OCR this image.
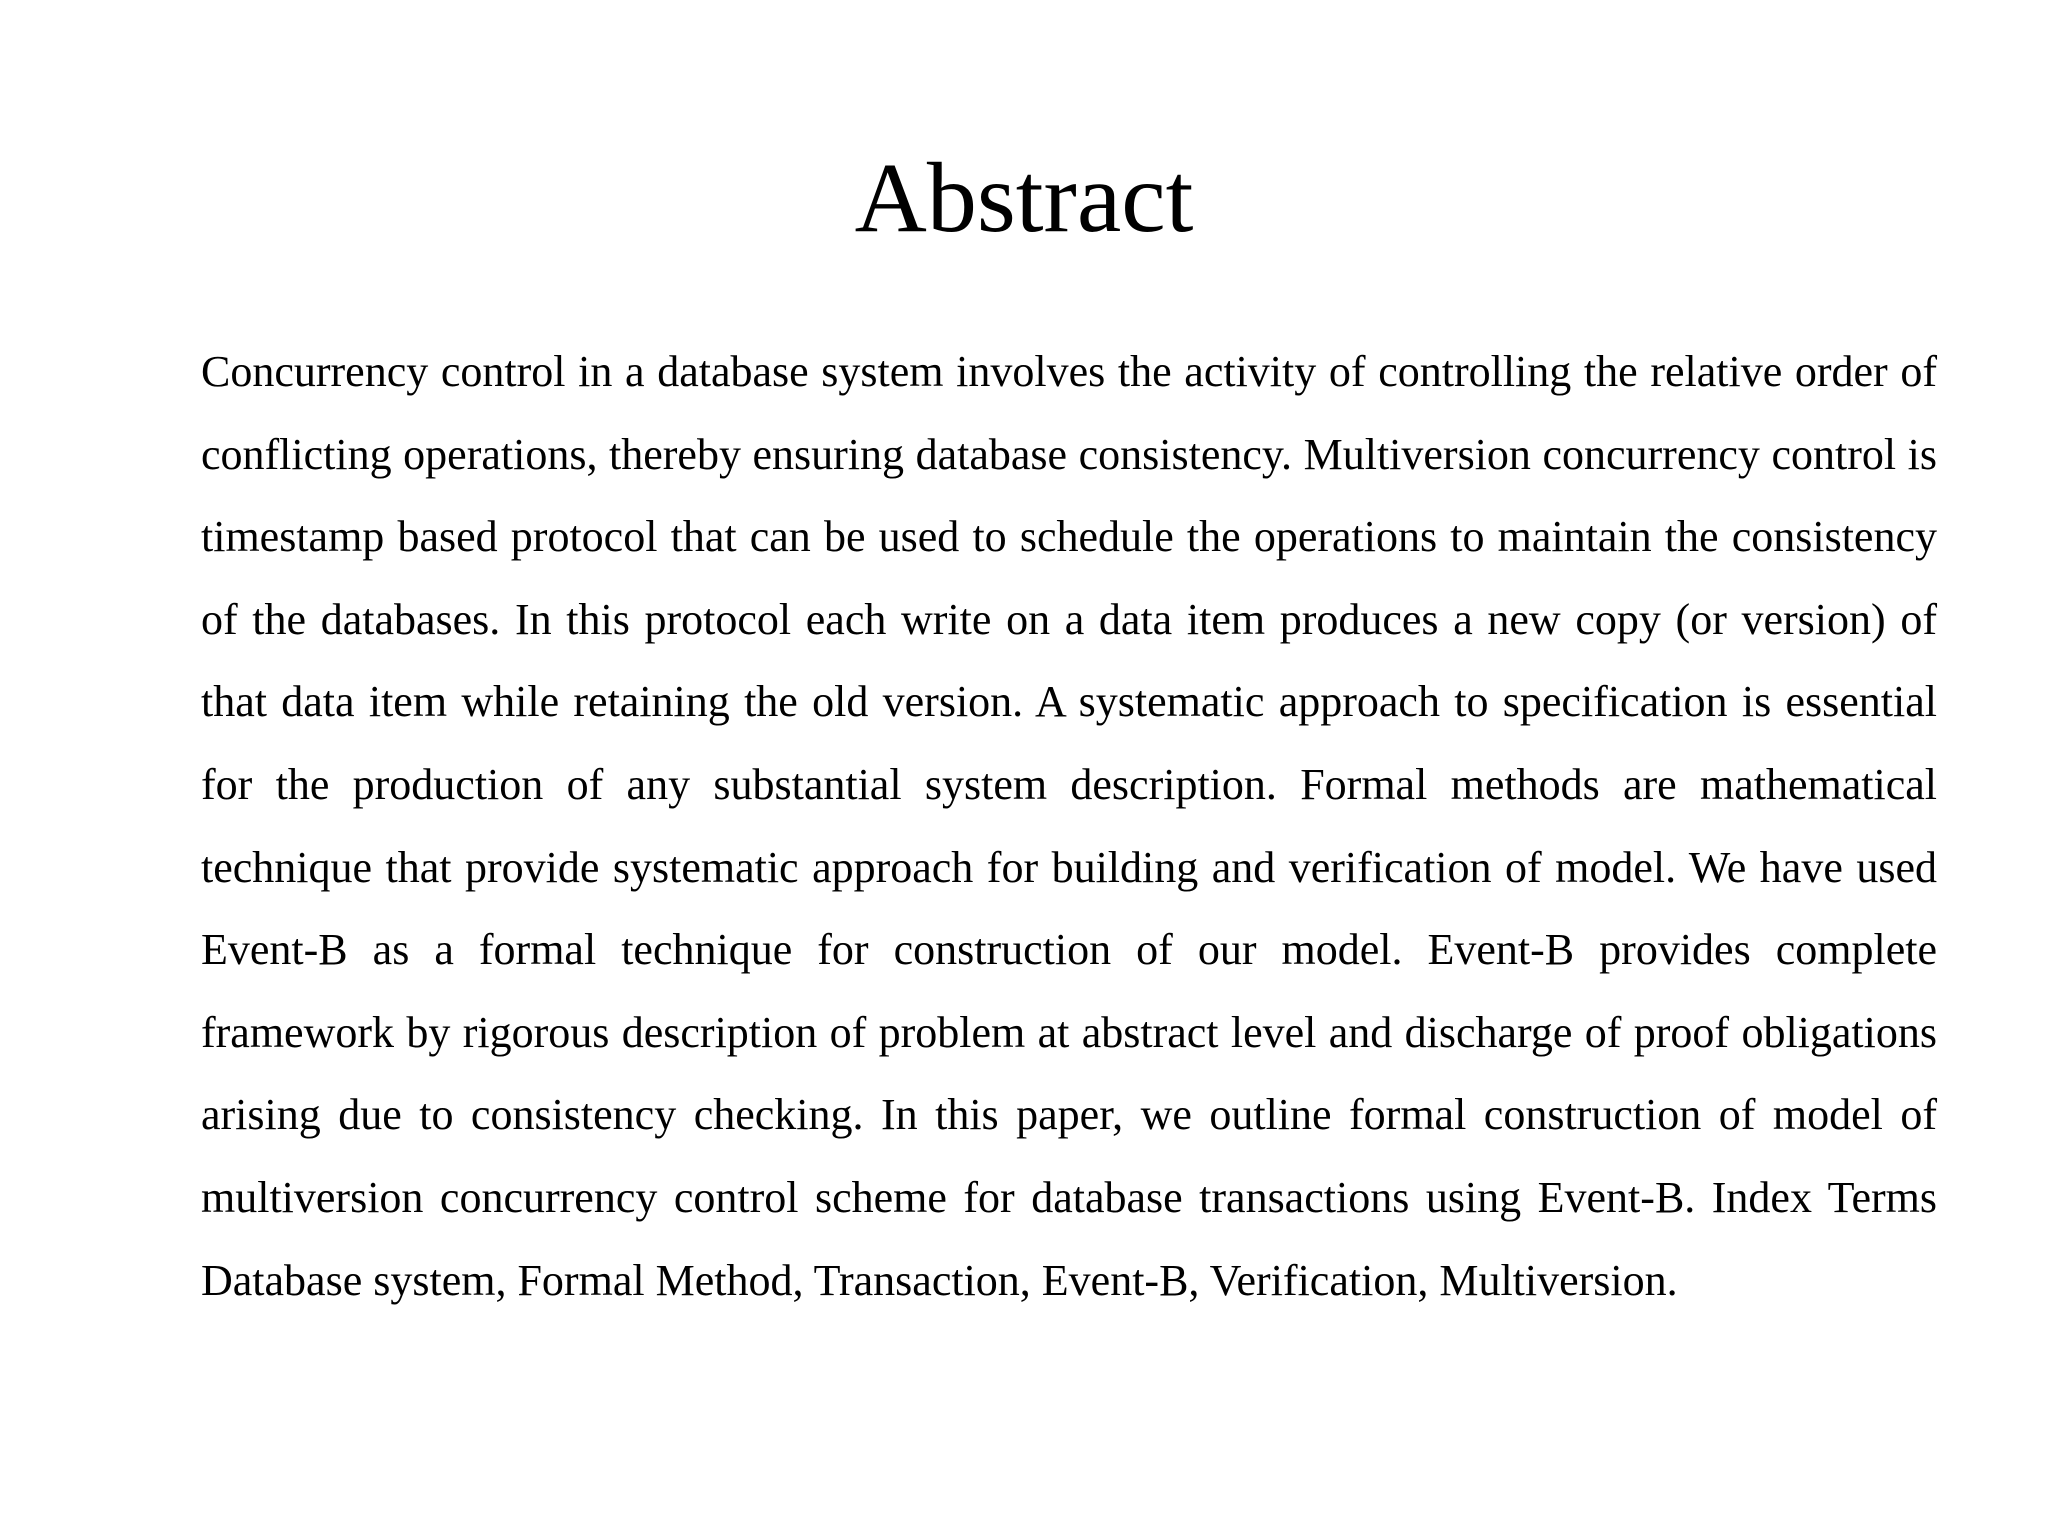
Abstract

Concurrency control in a database system involves the activity of controlling the relative order of conflicting operations, thereby ensuring database consistency. Multiversion concurrency control is timestamp based protocol that can be used to schedule the operations to maintain the consistency of the databases. In this protocol each write on a data item produces a new copy (or version) of that data item while retaining the old version. A systematic approach to specification is essential for the production of any substantial system description. Formal methods are mathematical technique that provide systematic approach for building and verification of model. We have used Event-B as a formal technique for construction of our model. Event-B provides complete framework by rigorous description of problem at abstract level and discharge of proof obligations arising due to consistency checking. In this paper, we outline formal construction of model of multiversion concurrency control scheme for database transactions using Event-B. Index Terms Database system, Formal Method, Transaction, Event-B, Verification, Multiversion.
